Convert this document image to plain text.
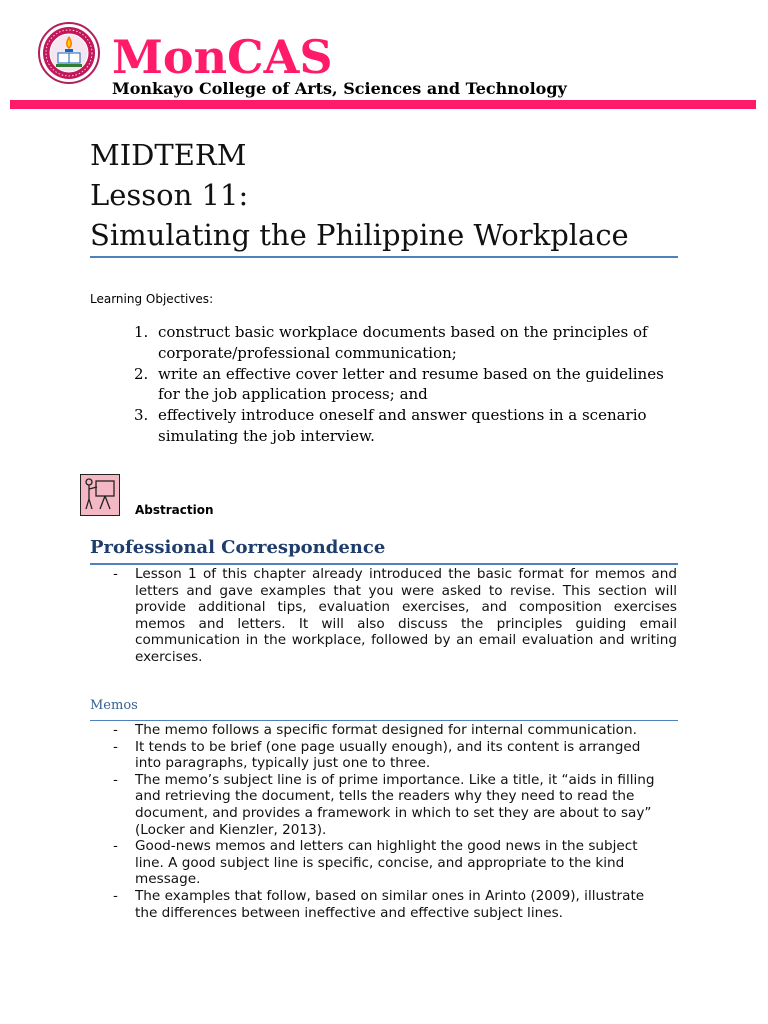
MonCAS
Monkayo College of Arts, Sciences and Technology
MIDTERM
Lesson 11:
Simulating the Philippine Workplace
Learning Objectives:
1. construct basic workplace documents based on the principles of corporate/professional communication;
2. write an effective cover letter and resume based on the guidelines for the job application process; and
3. effectively introduce oneself and answer questions in a scenario simulating the job interview.
Abstraction
Professional Correspondence
- Lesson 1 of this chapter already introduced the basic format for memos and letters and gave examples that you were asked to revise. This section will provide additional tips, evaluation exercises, and composition exercises memos and letters. It will also discuss the principles guiding email communication in the workplace, followed by an email evaluation and writing exercises.
Memos
- The memo follows a specific format designed for internal communication.
- It tends to be brief (one page usually enough), and its content is arranged into paragraphs, typically just one to three.
- The memo’s subject line is of prime importance. Like a title, it “aids in filling and retrieving the document, tells the readers why they need to read the document, and provides a framework in which to set they are about to say” (Locker and Kienzler, 2013).
- Good-news memos and letters can highlight the good news in the subject line. A good subject line is specific, concise, and appropriate to the kind message.
- The examples that follow, based on similar ones in Arinto (2009), illustrate the differences between ineffective and effective subject lines.
